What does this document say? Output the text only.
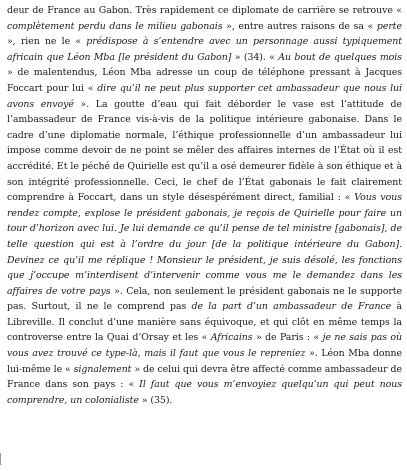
deur de France au Gabon. Très rapidement ce diplomate de carrière se retrouve « complètement perdu dans le milieu gabonais », entre autres raisons de sa « perte », rien ne le « prédispose à s’entendre avec un personnage aussi typiquement africain que Léon Mba [le président du Gabon] » (34). « Au bout de quelques mois » de malentendus, Léon Mba adresse un coup de téléphone pressant à Jacques Foccart pour lui « dire qu’il ne peut plus supporter cet ambassadeur que nous lui avons envoyé ». La goutte d’eau qui fait déborder le vase est l’attitude de l’ambassadeur de France vis-à-vis de la politique intérieure gabonaise. Dans le cadre d’une diplomatie normale, l’éthique professionnelle d’un ambassadeur lui impose comme devoir de ne point se mêler des affaires internes de l’État où il est accrédité. Et le péché de Quirielle est qu’il a osé demeurer fidèle à son éthique et à son intégrité professionnelle. Ceci, le chef de l’État gabonais le fait clairement comprendre à Foccart, dans un style désespérément direct, familial : « Vous vous rendez compte, explose le président gabonais, je reçois de Quirielle pour faire un tour d’horizon avec lui. Je lui demande ce qu’il pense de tel ministre [gabonais], de telle question qui est à l’ordre du jour [de la politique intérieure du Gabon]. Devinez ce qu’il me réplique ! Monsieur le président, je suis désolé, les fonctions que j’occupe m’interdisent d’intervenir comme vous me le demandez dans les affaires de votre pays ». Cela, non seulement le président gabonais ne le supporte pas. Surtout, il ne le comprend pas de la part d’un ambassadeur de France à Libreville. Il conclut d’une manière sans équivoque, et qui clôt en même temps la controverse entre la Quai d’Orsay et les « Africains » de Paris : « je ne sais pas où vous avez trouvé ce type-là, mais il faut que vous le repreniez ». Léon Mba donne lui-même le « signalement » de celui qui devra être affecté comme ambassadeur de France dans son pays : « Il faut que vous m’envoyiez quelqu’un qui peut nous comprendre, un colonialiste » (35).
